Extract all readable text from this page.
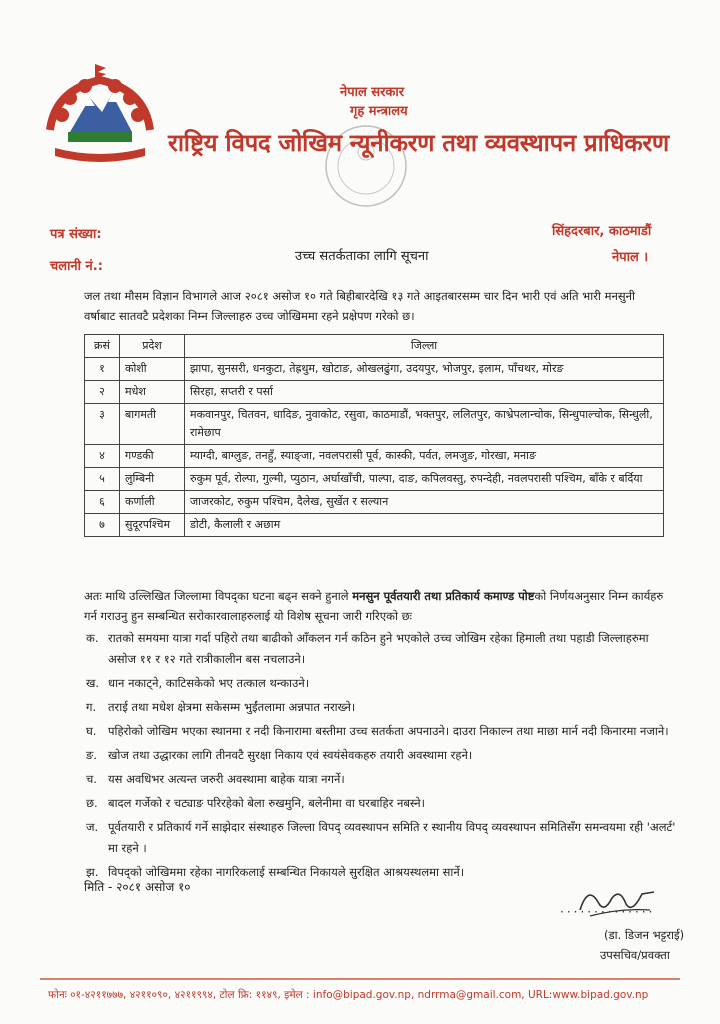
नेपाल सरकार
गृह मन्त्रालय
राष्ट्रिय विपद जोखिम न्यूनीकरण तथा व्यवस्थापन प्राधिकरण
पत्र संख्या:
चलानी नं.:
सिंहदरबार, काठमाडौं
नेपाल ।
उच्च सतर्कताका लागि सूचना
जल तथा मौसम विज्ञान विभागले आज २०८१ असोज १० गते बिहीबारदेखि १३ गते आइतबारसम्म चार दिन भारी एवं अति भारी मनसुनी वर्षाबाट सातवटै प्रदेशका निम्न जिल्लाहरु उच्च जोखिममा रहने प्रक्षेपण गरेको छ।
क्रसं	प्रदेश	जिल्ला
१	कोशी	झापा, सुनसरी, धनकुटा, तेह्रथुम, खोटाङ, ओखलढुंगा, उदयपुर, भोजपुर, इलाम, पाँचथर, मोरङ
२	मधेश	सिरहा, सप्तरी र पर्सा
३	बागमती	मकवानपुर, चितवन, धादिङ, नुवाकोट, रसुवा, काठमाडौं, भक्तपुर, ललितपुर, काभ्रेपलान्चोक, सिन्धुपाल्चोक, सिन्धुली, रामेछाप
४	गण्डकी	म्याग्दी, बाग्लुङ, तनहुँ, स्याङ्जा, नवलपरासी पूर्व, कास्की, पर्वत, लमजुङ, गोरखा, मनाङ
५	लुम्बिनी	रुकुम पूर्व, रोल्पा, गुल्मी, प्युठान, अर्घाखाँची, पाल्पा, दाङ, कपिलवस्तु, रुपन्देही, नवलपरासी पश्चिम, बाँके र बर्दिया
६	कर्णाली	जाजरकोट, रुकुम पश्चिम, दैलेख, सुर्खेत र सल्यान
७	सुदूरपश्चिम	डोटी, कैलाली र अछाम
अतः माथि उल्लिखित जिल्लामा विपद्का घटना बढ्न सक्ने हुनाले मनसुन पूर्वतयारी तथा प्रतिकार्य कमाण्ड पोष्टको निर्णयअनुसार निम्न कार्यहरु गर्न गराउनु हुन सम्बन्धित सरोकारवालाहरुलाई यो विशेष सूचना जारी गरिएको छः
क. रातको समयमा यात्रा गर्दा पहिरो तथा बाढीको आँकलन गर्न कठिन हुने भएकोले उच्च जोखिम रहेका हिमाली तथा पहाडी जिल्लाहरुमा असोज ११ र १२ गते रात्रीकालीन बस नचलाउने।
ख. धान नकाट्ने, काटिसकेको भए तत्काल थन्काउने।
ग.	तराई तथा मधेश क्षेत्रमा सकेसम्म भुईंतलामा अन्नपात नराख्ने।
घ.	पहिरोको जोखिम भएका स्थानमा र नदी किनारामा बस्तीमा उच्च सतर्कता अपनाउने। दाउरा निकाल्न तथा माछा मार्न नदी किनारमा नजाने।
ङ. खोज तथा उद्धारका लागि तीनवटै सुरक्षा निकाय एवं स्वयंसेवकहरु तयारी अवस्थामा रहने।
च. यस अवधिभर अत्यन्त जरुरी अवस्थामा बाहेक यात्रा नगर्ने।
छ. बादल गर्जेको र चट्याङ परिरहेको बेला रुखमुनि, बलेनीमा वा घरबाहिर नबस्ने।
ज. पूर्वतयारी र प्रतिकार्य गर्ने साझेदार संस्थाहरु जिल्ला विपद् व्यवस्थापन समिति र स्थानीय विपद् व्यवस्थापन समितिसँग समन्वयमा रही 'अलर्ट' मा रहने ।
झ. विपद्को जोखिममा रहेका नागरिकलाई सम्बन्धित निकायले सुरक्षित आश्रयस्थलमा सार्ने।
मिति - २०८१ असोज १०
··············
(डा. डिजन भट्टराई)
उपसचिव/प्रवक्ता
फोनः ०१-४२११७७७, ४२११०९०, ४२११९९४, टोल फ्रि: ११४९, इमेल : info@bipad.gov.np, ndrrma@gmail.com, URL:www.bipad.gov.np
